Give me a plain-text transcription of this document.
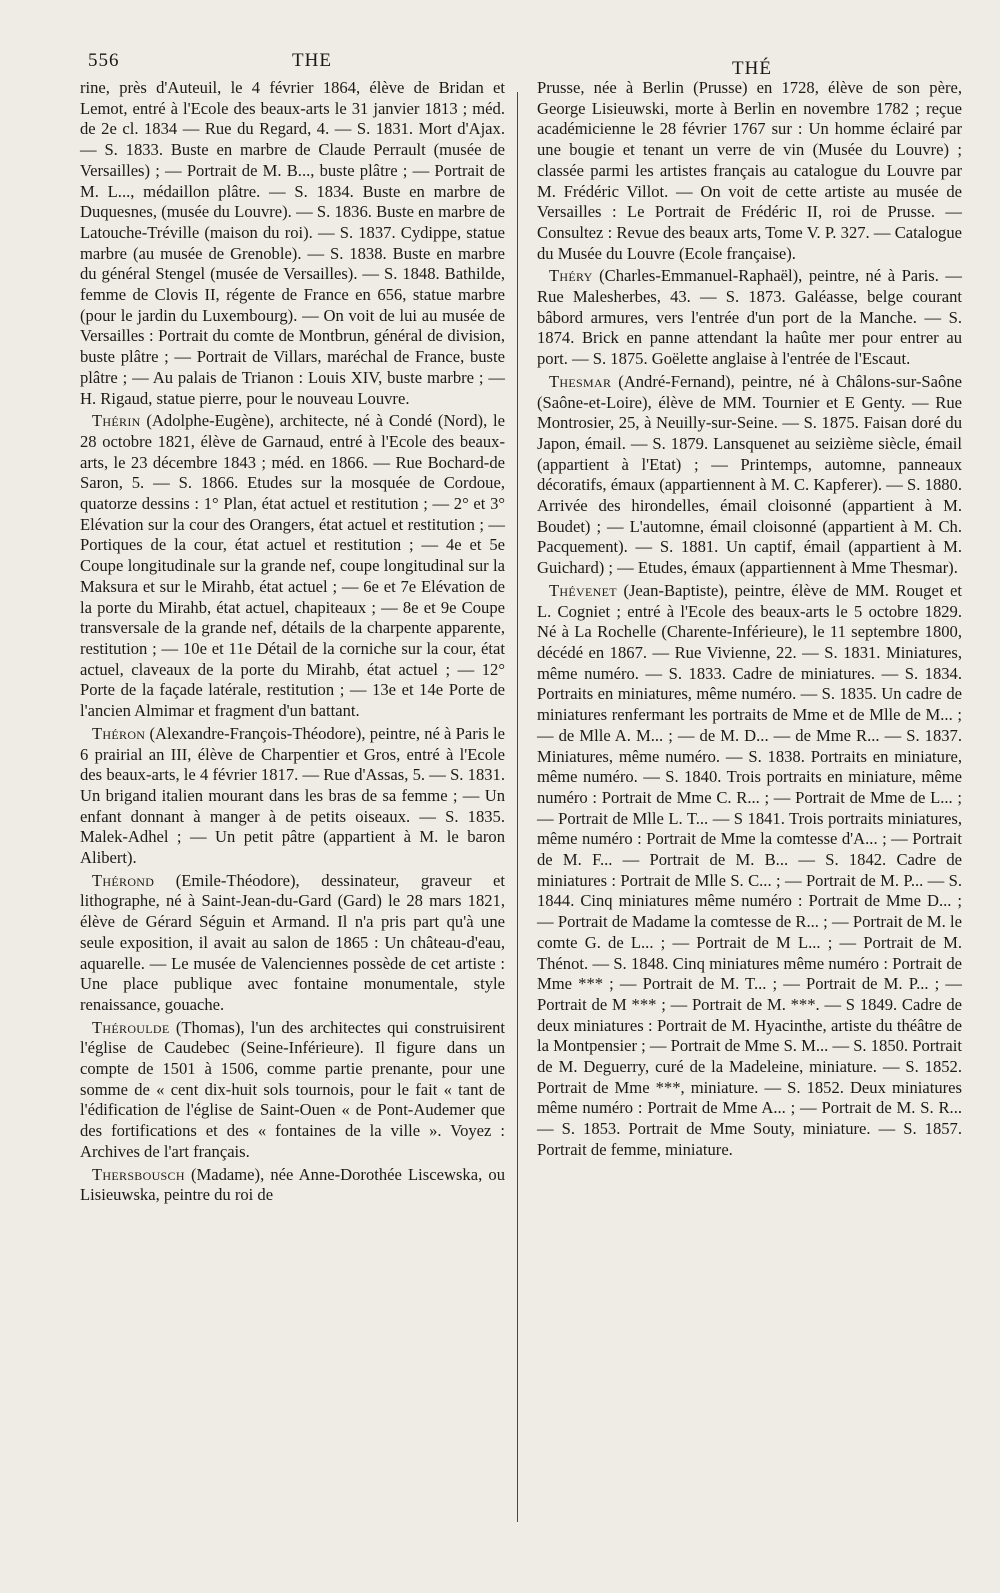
556	THE	THÉ

rine, près d'Auteuil, le 4 février 1864, élève de Bridan et Lemot, entré à l'Ecole des beaux-arts le 31 janvier 1813 ; méd. de 2e cl. 1834 — Rue du Regard, 4. — S. 1831. Mort d'Ajax. — S. 1833. Buste en marbre de Claude Perrault (musée de Versailles) ; — Portrait de M. B..., buste plâtre ; — Portrait de M. L..., médaillon plâtre. — S. 1834. Buste en marbre de Duquesnes, (musée du Louvre). — S. 1836. Buste en marbre de Latouche-Tréville (maison du roi). — S. 1837. Cydippe, statue marbre (au musée de Grenoble). — S. 1838. Buste en marbre du général Stengel (musée de Versailles). — S. 1848. Bathilde, femme de Clovis II, régente de France en 656, statue marbre (pour le jardin du Luxembourg). — On voit de lui au musée de Versailles : Portrait du comte de Montbrun, général de division, buste plâtre ; — Portrait de Villars, maréchal de France, buste plâtre ; — Au palais de Trianon : Louis XIV, buste marbre ; — H. Rigaud, statue pierre, pour le nouveau Louvre.

Thérin (Adolphe-Eugène), architecte, né à Condé (Nord), le 28 octobre 1821, élève de Garnaud, entré à l'Ecole des beaux-arts, le 23 décembre 1843 ; méd. en 1866. — Rue Bochard-de Saron, 5. — S. 1866. Etudes sur la mosquée de Cordoue, quatorze dessins : 1° Plan, état actuel et restitution ; — 2° et 3° Elévation sur la cour des Orangers, état actuel et restitution ; — Portiques de la cour, état actuel et restitution ; — 4e et 5e Coupe longitudinale sur la grande nef, coupe longitudinal sur la Maksura et sur le Mirahb, état actuel ; — 6e et 7e Elévation de la porte du Mirahb, état actuel, chapiteaux ; — 8e et 9e Coupe transversale de la grande nef, détails de la charpente apparente, restitution ; — 10e et 11e Détail de la corniche sur la cour, état actuel, claveaux de la porte du Mirahb, état actuel ; — 12° Porte de la façade latérale, restitution ; — 13e et 14e Porte de l'ancien Almimar et fragment d'un battant.

Théron (Alexandre-François-Théodore), peintre, né à Paris le 6 prairial an III, élève de Charpentier et Gros, entré à l'Ecole des beaux-arts, le 4 février 1817. — Rue d'Assas, 5. — S. 1831. Un brigand italien mourant dans les bras de sa femme ; — Un enfant donnant à manger à de petits oiseaux. — S. 1835. Malek-Adhel ; — Un petit pâtre (appartient à M. le baron Alibert).

Thérond (Emile-Théodore), dessinateur, graveur et lithographe, né à Saint-Jean-du-Gard (Gard) le 28 mars 1821, élève de Gérard Séguin et Armand. Il n'a pris part qu'à une seule exposition, il avait au salon de 1865 : Un château-d'eau, aquarelle. — Le musée de Valenciennes possède de cet artiste : Une place publique avec fontaine monumentale, style renaissance, gouache.

Théroulde (Thomas), l'un des architectes qui construisirent l'église de Caudebec (Seine-Inférieure). Il figure dans un compte de 1501 à 1506, comme partie prenante, pour une somme de « cent dix-huit sols tournois, pour le fait « tant de l'édification de l'église de Saint-Ouen « de Pont-Audemer que des fortifications et des « fontaines de la ville ». Voyez : Archives de l'art français.

Thersbousch (Madame), née Anne-Dorothée Liscewska, ou Lisieuwska, peintre du roi de

Prusse, née à Berlin (Prusse) en 1728, élève de son père, George Lisieuwski, morte à Berlin en novembre 1782 ; reçue académicienne le 28 février 1767 sur : Un homme éclairé par une bougie et tenant un verre de vin (Musée du Louvre) ; classée parmi les artistes français au catalogue du Louvre par M. Frédéric Villot. — On voit de cette artiste au musée de Versailles : Le Portrait de Frédéric II, roi de Prusse. — Consultez : Revue des beaux arts, Tome V. P. 327. — Catalogue du Musée du Louvre (Ecole française).

Théry (Charles-Emmanuel-Raphaël), peintre, né à Paris. — Rue Malesherbes, 43. — S. 1873. Galéasse, belge courant bâbord armures, vers l'entrée d'un port de la Manche. — S. 1874. Brick en panne attendant la haûte mer pour entrer au port. — S. 1875. Goëlette anglaise à l'entrée de l'Escaut.

Thesmar (André-Fernand), peintre, né à Châlons-sur-Saône (Saône-et-Loire), élève de MM. Tournier et E Genty. — Rue Montrosier, 25, à Neuilly-sur-Seine. — S. 1875. Faisan doré du Japon, émail. — S. 1879. Lansquenet au seizième siècle, émail (appartient à l'Etat) ; — Printemps, automne, panneaux décoratifs, émaux (appartiennent à M. C. Kapferer). — S. 1880. Arrivée des hirondelles, émail cloisonné (appartient à M. Boudet) ; — L'automne, émail cloisonné (appartient à M. Ch. Pacquement). — S. 1881. Un captif, émail (appartient à M. Guichard) ; — Etudes, émaux (appartiennent à Mme Thesmar).

Thévenet (Jean-Baptiste), peintre, élève de MM. Rouget et L. Cogniet ; entré à l'Ecole des beaux-arts le 5 octobre 1829. Né à La Rochelle (Charente-Inférieure), le 11 septembre 1800, décédé en 1867. — Rue Vivienne, 22. — S. 1831. Miniatures, même numéro. — S. 1833. Cadre de miniatures. — S. 1834. Portraits en miniatures, même numéro. — S. 1835. Un cadre de miniatures renfermant les portraits de Mme et de Mlle de M... ; — de Mlle A. M... ; — de M. D... — de Mme R... — S. 1837. Miniatures, même numéro. — S. 1838. Portraits en miniature, même numéro. — S. 1840. Trois portraits en miniature, même numéro : Portrait de Mme C. R... ; — Portrait de Mme de L... ; — Portrait de Mlle L. T... — S 1841. Trois portraits miniatures, même numéro : Portrait de Mme la comtesse d'A... ; — Portrait de M. F... — Portrait de M. B... — S. 1842. Cadre de miniatures : Portrait de Mlle S. C... ; — Portrait de M. P... — S. 1844. Cinq miniatures même numéro : Portrait de Mme D... ; — Portrait de Madame la comtesse de R... ; — Portrait de M. le comte G. de L... ; — Portrait de M L... ; — Portrait de M. Thénot. — S. 1848. Cinq miniatures même numéro : Portrait de Mme *** ; — Portrait de M. T... ; — Portrait de M. P... ; — Portrait de M *** ; — Portrait de M. ***. — S 1849. Cadre de deux miniatures : Portrait de M. Hyacinthe, artiste du théâtre de la Montpensier ; — Portrait de Mme S. M... — S. 1850. Portrait de M. Deguerry, curé de la Madeleine, miniature. — S. 1852. Portrait de Mme ***, miniature. — S. 1852. Deux miniatures même numéro : Portrait de Mme A... ; — Portrait de M. S. R... — S. 1853. Portrait de Mme Souty, miniature. — S. 1857. Portrait de femme, miniature.
